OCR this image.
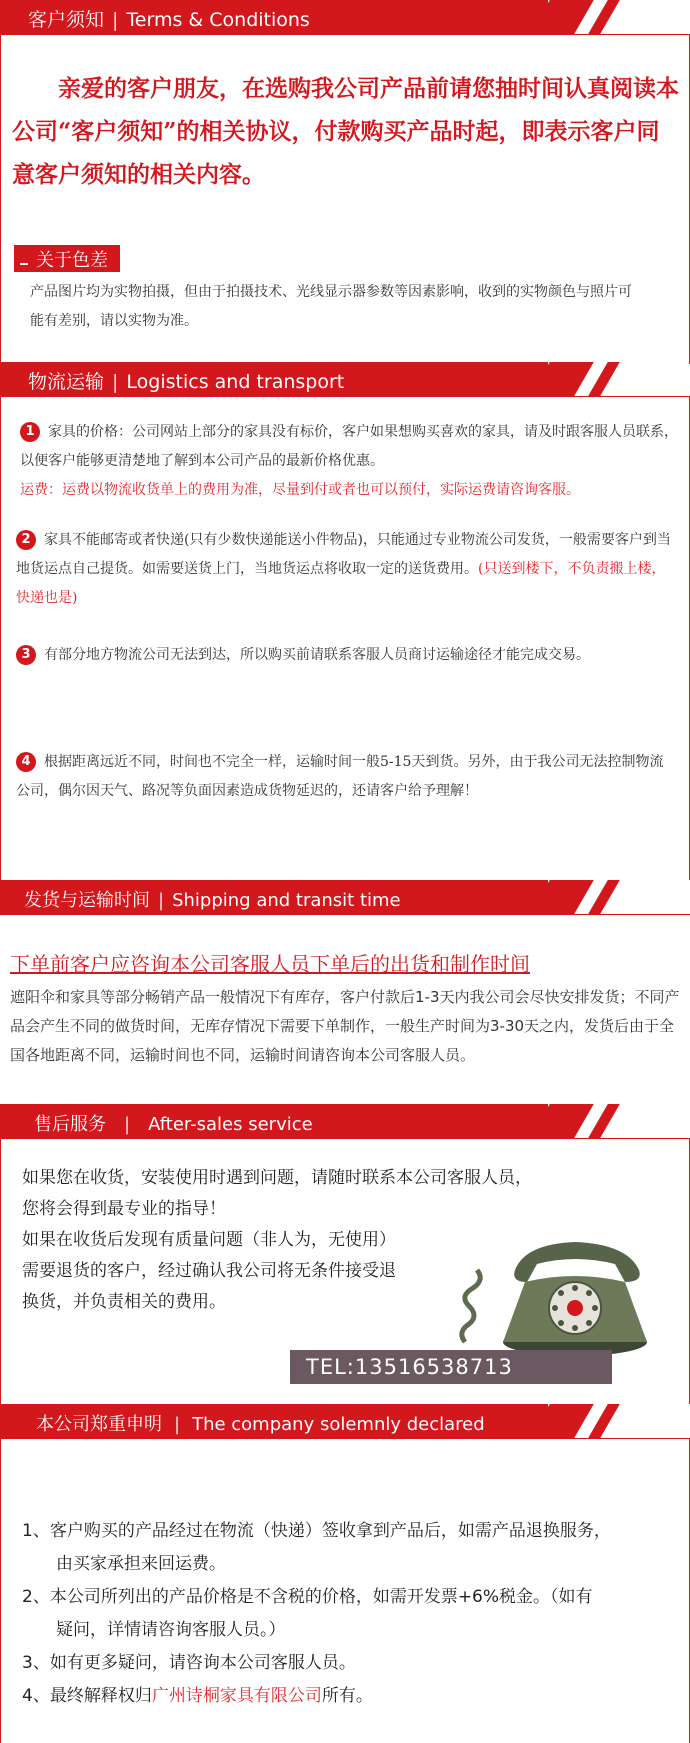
客户须知 | Terms & Conditions
亲爱的客户朋友，在选购我公司产品前请您抽时间认真阅读本公司“客户须知”的相关协议，付款购买产品时起，即表示客户同意客户须知的相关内容。
关于色差
产品图片均为实物拍摄，但由于拍摄技术、光线显示器参数等因素影响，收到的实物颜色与照片可能有差别，请以实物为准。
物流运输 | Logistics and transport
1 家具的价格：公司网站上部分的家具没有标价，客户如果想购买喜欢的家具，请及时跟客服人员联系，以便客户能够更清楚地了解到本公司产品的最新价格优惠。
运费：运费以物流收货单上的费用为准，尽量到付或者也可以预付，实际运费请咨询客服。
2 家具不能邮寄或者快递(只有少数快递能送小件物品)，只能通过专业物流公司发货，一般需要客户到当地货运点自己提货。如需要送货上门，当地货运点将收取一定的送货费用。(只送到楼下，不负责搬上楼，快递也是)
3 有部分地方物流公司无法到达，所以购买前请联系客服人员商讨运输途径才能完成交易。
4 根据距离远近不同，时间也不完全一样，运输时间一般5-15天到货。另外，由于我公司无法控制物流公司，偶尔因天气、路况等负面因素造成货物延迟的，还请客户给予理解！
发货与运输时间 | Shipping and transit time
下单前客户应咨询本公司客服人员下单后的出货和制作时间
遮阳伞和家具等部分畅销产品一般情况下有库存，客户付款后1-3天内我公司会尽快安排发货；不同产品会产生不同的做货时间，无库存情况下需要下单制作，一般生产时间为3-30天之内，发货后由于全国各地距离不同，运输时间也不同，运输时间请咨询本公司客服人员。
售后服务 | After-sales service
如果您在收货，安装使用时遇到问题，请随时联系本公司客服人员，
您将会得到最专业的指导！
如果在收货后发现有质量问题（非人为，无使用）
需要退货的客户，经过确认我公司将无条件接受退
换货，并负责相关的费用。
TEL:13516538713
本公司郑重申明 | The company solemnly declared
1、客户购买的产品经过在物流（快递）签收拿到产品后，如需产品退换服务，
由买家承担来回运费。
2、本公司所列出的产品价格是不含税的价格，如需开发票+6%税金。（如有
疑问，详情请咨询客服人员。）
3、如有更多疑问，请咨询本公司客服人员。
4、最终解释权归广州诗桐家具有限公司所有。
